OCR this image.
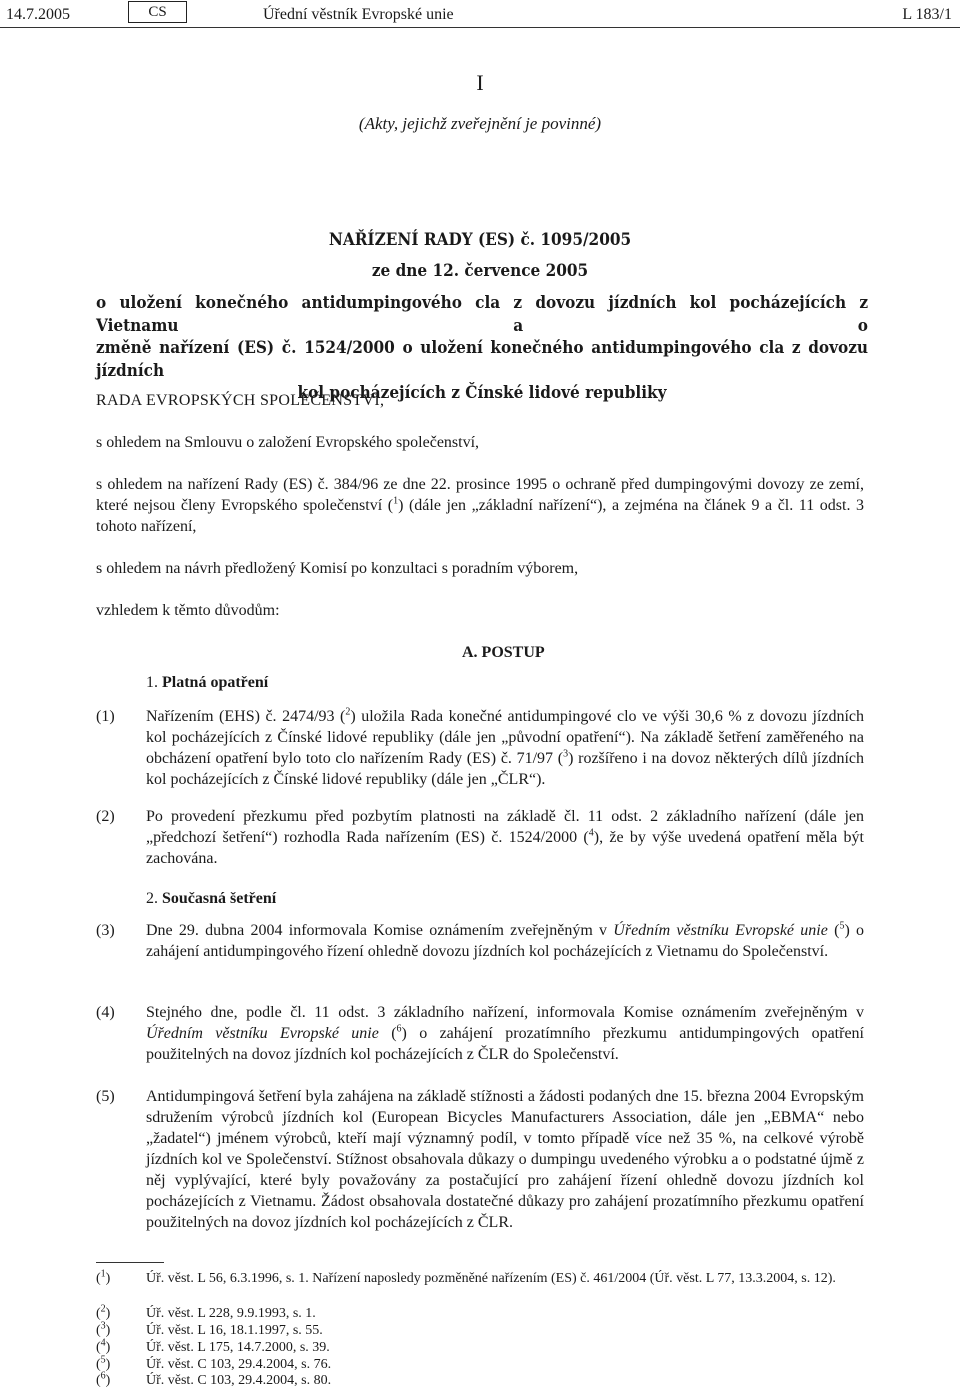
14.7.2005	CS	Úřední věstník Evropské unie	L 183/1
I
(Akty, jejichž zveřejnění je povinné)
NAŘÍZENÍ RADY (ES) č. 1095/2005
ze dne 12. července 2005
o uložení konečného antidumpingového cla z dovozu jízdních kol pocházejících z Vietnamu a o
změně nařízení (ES) č. 1524/2000 o uložení konečného antidumpingového cla z dovozu jízdních
kol pocházejících z Čínské lidové republiky
RADA EVROPSKÝCH SPOLEČENSTVÍ,
s ohledem na Smlouvu o založení Evropského společenství,
s ohledem na nařízení Rady (ES) č. 384/96 ze dne 22. prosince 1995 o ochraně před dumpingovými dovozy ze zemí, které nejsou členy Evropského společenství ($^1$) (dále jen „základní nařízení“), a zejména na článek 9 a čl. 11 odst. 3 tohoto nařízení,
s ohledem na návrh předložený Komisí po konzultaci s poradním výborem,
vzhledem k těmto důvodům:
A. POSTUP
1. Platná opatření
(1) Nařízením (EHS) č. 2474/93 ($^2$) uložila Rada konečné antidumpingové clo ve výši 30,6 % z dovozu jízdních kol pocházejících z Čínské lidové republiky (dále jen „původní opatření“). Na základě šetření zaměřeného na obcházení opatření bylo toto clo nařízením Rady (ES) č. 71/97 ($^3$) rozšířeno i na dovoz některých dílů jízdních kol pocházejících z Čínské lidové republiky (dále jen „ČLR“).
(2) Po provedení přezkumu před pozbytím platnosti na základě čl. 11 odst. 2 základního nařízení (dále jen „předchozí šetření“) rozhodla Rada nařízením (ES) č. 1524/2000 ($^4$), že by výše uvedená opatření měla být zachována.
2. Současná šetření
(3) Dne 29. dubna 2004 informovala Komise oznámením zveřejněným v Úředním věstníku Evropské unie ($^5$) o zahájení antidumpingového řízení ohledně dovozu jízdních kol pocházejících z Vietnamu do Společenství.
(4) Stejného dne, podle čl. 11 odst. 3 základního nařízení, informovala Komise oznámením zveřejněným v Úředním věstníku Evropské unie ($^6$) o zahájení prozatímního přezkumu antidumpingových opatření použitelných na dovoz jízdních kol pocházejících z ČLR do Společenství.
(5) Antidumpingová šetření byla zahájena na základě stížnosti a žádosti podaných dne 15. března 2004 Evropským sdružením výrobců jízdních kol (European Bicycles Manufacturers Association, dále jen „EBMA“ nebo „žadatel“) jménem výrobců, kteří mají významný podíl, v tomto případě více než 35 %, na celkové výrobě jízdních kol ve Společenství. Stížnost obsahovala důkazy o dumpingu uvedeného výrobku a o podstatné újmě z něj vyplývající, které byly považovány za postačující pro zahájení řízení ohledně dovozu jízdních kol pocházejících z Vietnamu. Žádost obsahovala dostatečné důkazy pro zahájení prozatímního přezkumu opatření použitelných na dovoz jízdních kol pocházejících z ČLR.
($^1$)	Úř. věst. L 56, 6.3.1996, s. 1. Nařízení naposledy pozměněné nařízením (ES) č. 461/2004 (Úř. věst. L 77, 13.3.2004, s. 12).
($^2$)	Úř. věst. L 228, 9.9.1993, s. 1.
($^3$)	Úř. věst. L 16, 18.1.1997, s. 55.
($^4$)	Úř. věst. L 175, 14.7.2000, s. 39.
($^5$)	Úř. věst. C 103, 29.4.2004, s. 76.
($^6$)	Úř. věst. C 103, 29.4.2004, s. 80.
